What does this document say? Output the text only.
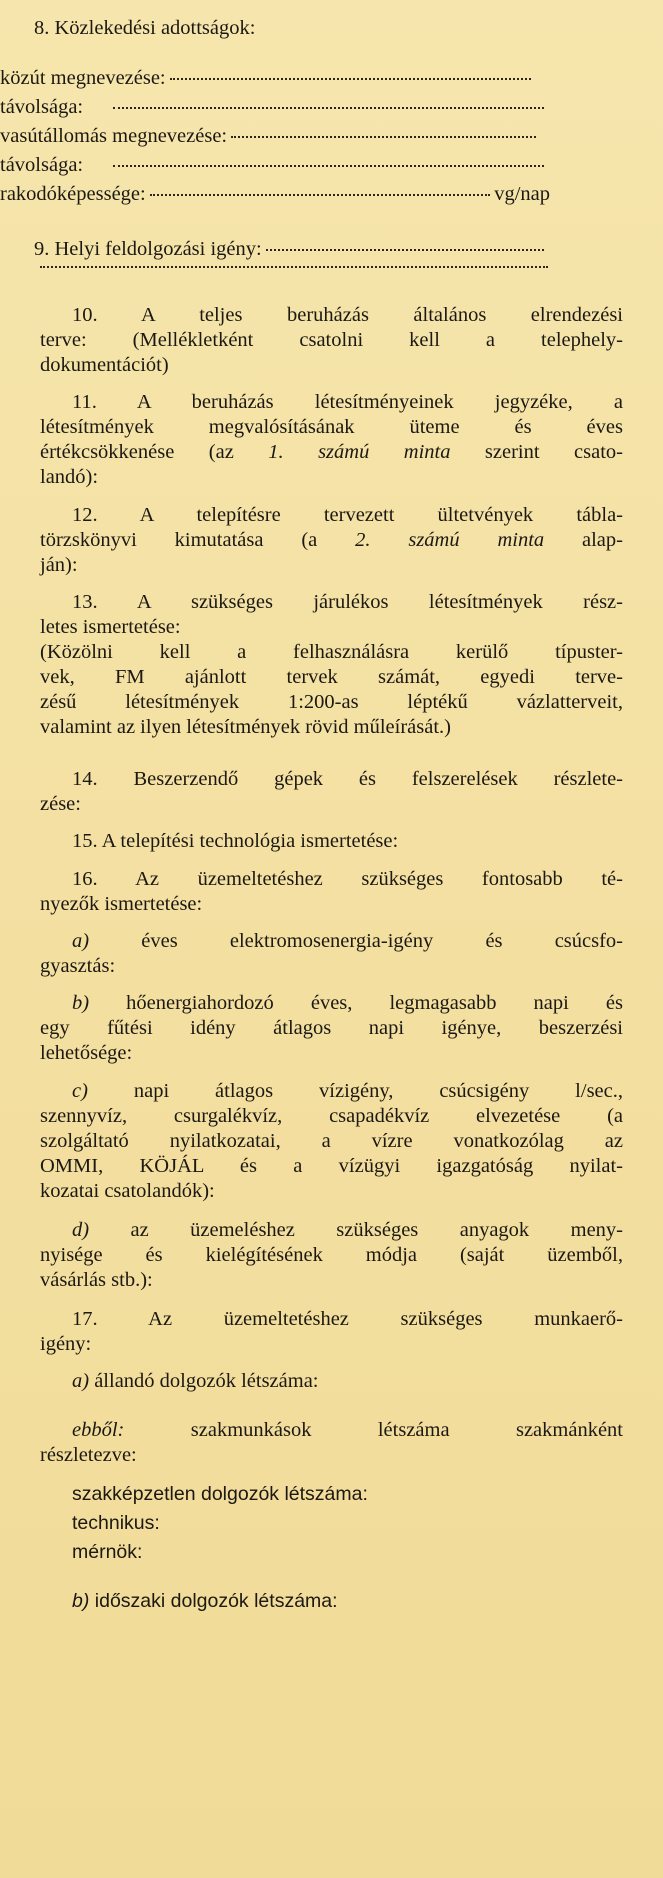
8. Közlekedési adottságok:
közút megnevezése:
távolsága:
vasútállomás megnevezése:
távolsága:
rakodóképessége:	vg/nap
9. Helyi feldolgozási igény:
10. A teljes beruházás általános elrendezési
terve: (Mellékletként csatolni kell a telephely-
dokumentációt)
11. A beruházás létesítményeinek jegyzéke, a
létesítmények megvalósításának üteme és éves
értékcsökkenése (az 1. számú minta szerint csato-
landó):
12. A telepítésre tervezett ültetvények tábla-
törzskönyvi kimutatása (a 2. számú minta alap-
ján):
13. A szükséges járulékos létesítmények rész-
letes ismertetése:
(Közölni kell a felhasználásra kerülő típuster-
vek, FM ajánlott tervek számát, egyedi terve-
zésű létesítmények 1:200-as léptékű vázlatterveit,
valamint az ilyen létesítmények rövid műleírását.)
14. Beszerzendő gépek és felszerelések részlete-
zése:
15. A telepítési technológia ismertetése:
16. Az üzemeltetéshez szükséges fontosabb té-
nyezők ismertetése:
a) éves elektromosenergia-igény és csúcsfo-
gyasztás:
b) hőenergiahordozó éves, legmagasabb napi és
egy fűtési idény átlagos napi igénye, beszerzési
lehetősége:
c) napi átlagos vízigény, csúcsigény l/sec.,
szennyvíz, csurgalékvíz, csapadékvíz elvezetése (a
szolgáltató nyilatkozatai, a vízre vonatkozólag az
OMMI, KÖJÁL és a vízügyi igazgatóság nyilat-
kozatai csatolandók):
d) az üzemeléshez szükséges anyagok meny-
nyisége és kielégítésének módja (saját üzemből,
vásárlás stb.):
17. Az üzemeltetéshez szükséges munkaerő-
igény:
a) állandó dolgozók létszáma:
ebből: szakmunkások létszáma szakmánként
részletezve:
szakképzetlen dolgozók létszáma:
technikus:
mérnök:
b) időszaki dolgozók létszáma:
